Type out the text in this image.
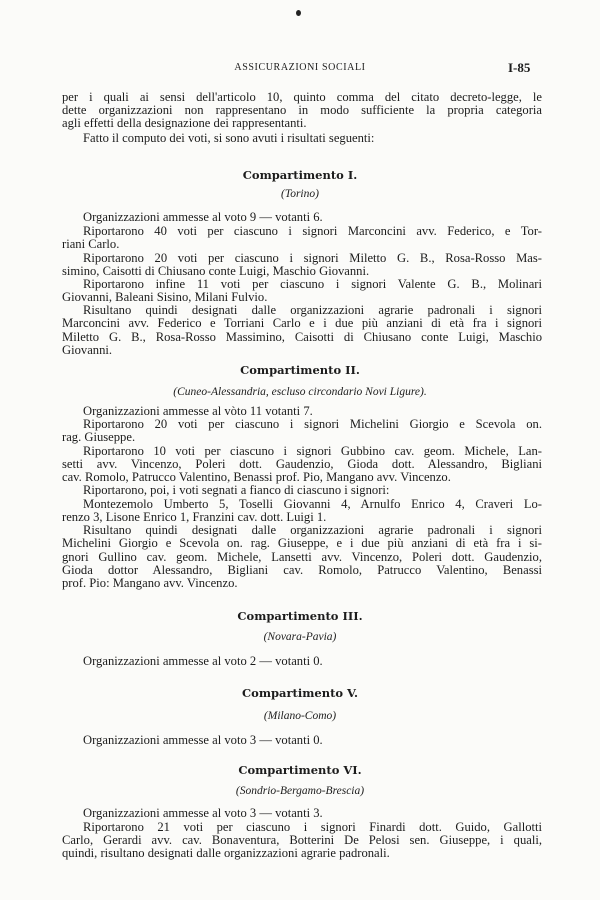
ASSICURAZIONI SOCIALI	I-85
per i quali ai sensi dell'articolo 10, quinto comma del citato decreto-legge, le
dette organizzazioni non rappresentano in modo sufficiente la propria categoria
agli effetti della designazione dei rappresentanti.
Fatto il computo dei voti, si sono avuti i risultati seguenti:
Compartimento I.
(Torino)
Organizzazioni ammesse al voto 9 — votanti 6.
Riportarono 40 voti per ciascuno i signori Marconcini avv. Federico, e Tor-
riani Carlo.
Riportarono 20 voti per ciascuno i signori Miletto G. B., Rosa-Rosso Mas-
simino, Caisotti di Chiusano conte Luigi, Maschio Giovanni.
Riportarono infine 11 voti per ciascuno i signori Valente G. B., Molinari
Giovanni, Baleani Sisino, Milani Fulvio.
Risultano quindi designati dalle organizzazioni agrarie padronali i signori
Marconcini avv. Federico e Torriani Carlo e i due più anziani di età fra i signori
Miletto G. B., Rosa-Rosso Massimino, Caisotti di Chiusano conte Luigi, Maschio
Giovanni.
Compartimento II.
(Cuneo-Alessandria, escluso circondario Novi Ligure).
Organizzazioni ammesse al vòto 11 votanti 7.
Riportarono 20 voti per ciascuno i signori Michelini Giorgio e Scevola on.
rag. Giuseppe.
Riportarono 10 voti per ciascuno i signori Gubbino cav. geom. Michele, Lan-
setti avv. Vincenzo, Poleri dott. Gaudenzio, Gioda dott. Alessandro, Bigliani
cav. Romolo, Patrucco Valentino, Benassi prof. Pio, Mangano avv. Vincenzo.
Riportarono, poi, i voti segnati a fianco di ciascuno i signori:
Montezemolo Umberto 5, Toselli Giovanni 4, Arnulfo Enrico 4, Craveri Lo-
renzo 3, Lisone Enrico 1, Franzini cav. dott. Luigi 1.
Risultano quindi designati dalle organizzazioni agrarie padronali i signori
Michelini Giorgio e Scevola on. rag. Giuseppe, e i due più anziani di età fra i si-
gnori Gullino cav. geom. Michele, Lansetti avv. Vincenzo, Poleri dott. Gaudenzio,
Gioda dottor Alessandro, Bigliani cav. Romolo, Patrucco Valentino, Benassi
prof. Pio: Mangano avv. Vincenzo.
Compartimento III.
(Novara-Pavia)
Organizzazioni ammesse al voto 2 — votanti 0.
Compartimento V.
(Milano-Como)
Organizzazioni ammesse al voto 3 — votanti 0.
Compartimento VI.
(Sondrio-Bergamo-Brescia)
Organizzazioni ammesse al voto 3 — votanti 3.
Riportarono 21 voti per ciascuno i signori Finardi dott. Guido, Gallotti
Carlo, Gerardi avv. cav. Bonaventura, Botterini De Pelosi sen. Giuseppe, i quali,
quindi, risultano designati dalle organizzazioni agrarie padronali.
